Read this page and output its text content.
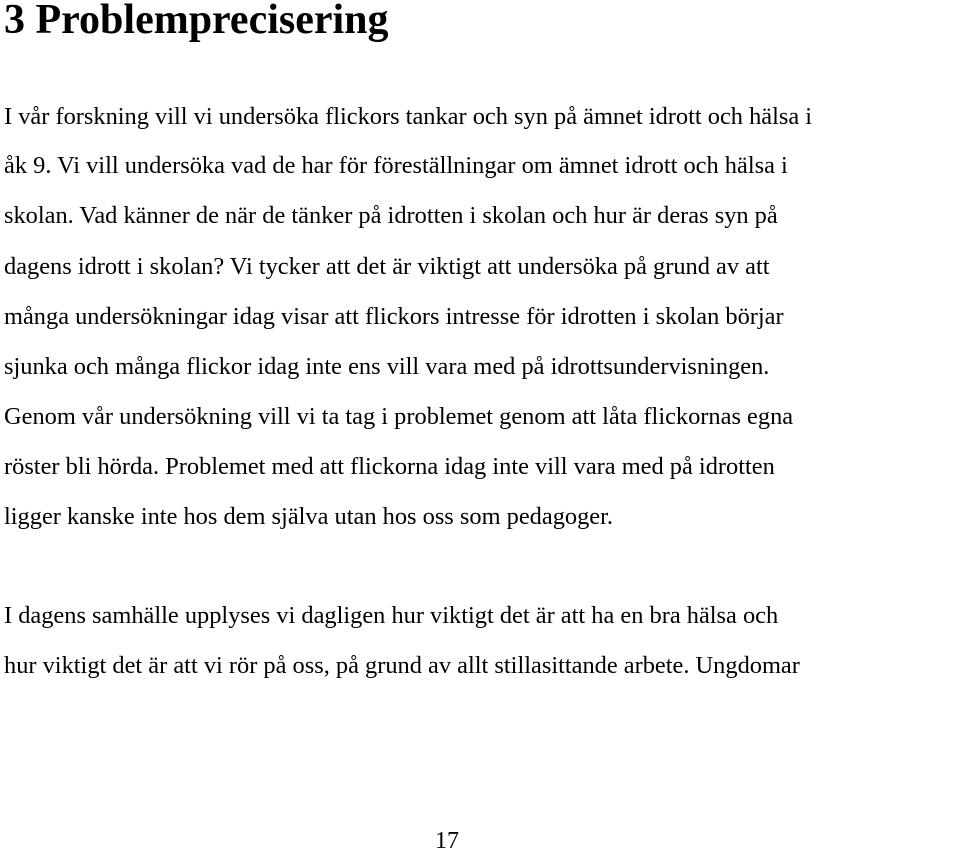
3 Problemprecisering
I vår forskning vill vi undersöka flickors tankar och syn på ämnet idrott och hälsa i
åk 9. Vi vill undersöka vad de har för föreställningar om ämnet idrott och hälsa i
skolan. Vad känner de när de tänker på idrotten i skolan och hur är deras syn på
dagens idrott i skolan? Vi tycker att det är viktigt att undersöka på grund av att
många undersökningar idag visar att flickors intresse för idrotten i skolan börjar
sjunka och många flickor idag inte ens vill vara med på idrottsundervisningen.
Genom vår undersökning vill vi ta tag i problemet genom att låta flickornas egna
röster bli hörda. Problemet med att flickorna idag inte vill vara med på idrotten
ligger kanske inte hos dem själva utan hos oss som pedagoger.
I dagens samhälle upplyses vi dagligen hur viktigt det är att ha en bra hälsa och
hur viktigt det är att vi rör på oss, på grund av allt stillasittande arbete. Ungdomar
17
